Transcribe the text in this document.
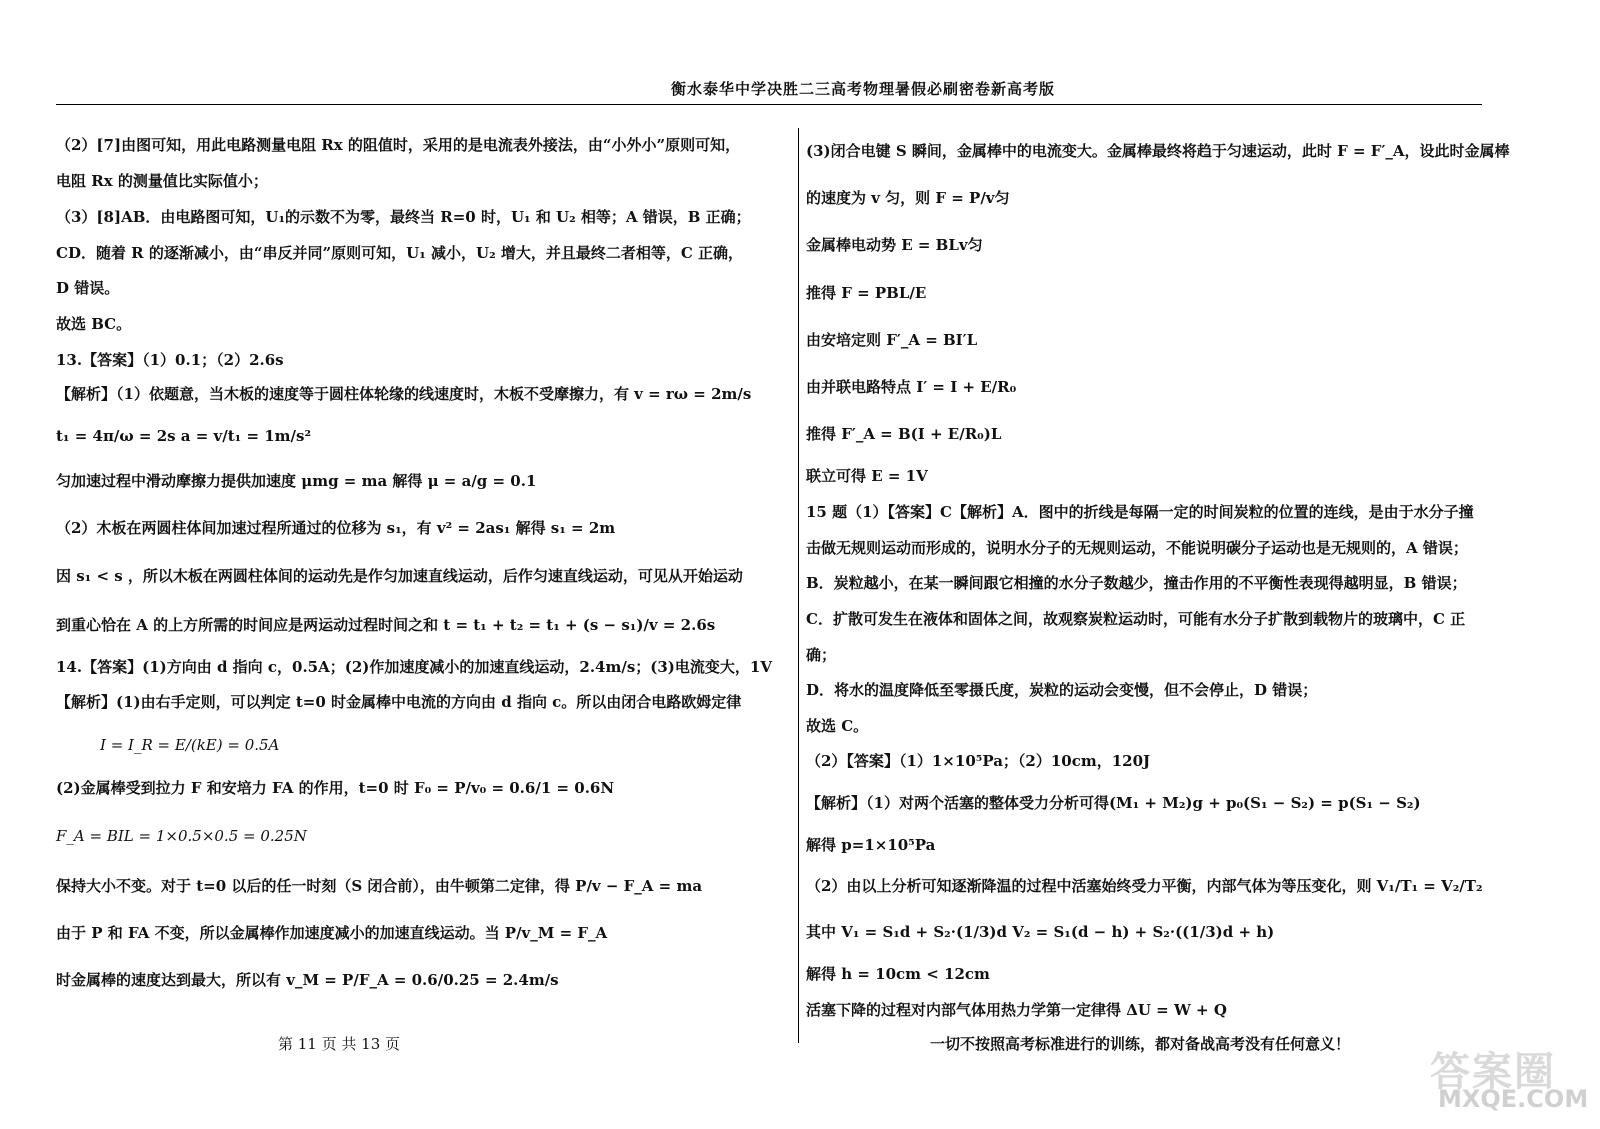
衡水泰华中学决胜二三高考物理暑假必刷密卷新高考版
（2）[7]由图可知，用此电路测量电阻 Rx 的阻值时，采用的是电流表外接法，由“小外小”原则可知，
电阻 Rx 的测量值比实际值小；
（3）[8]AB．由电路图可知，U₁的示数不为零，最终当 R=0 时，U₁ 和 U₂ 相等；A 错误，B 正确；
CD．随着 R 的逐渐减小，由“串反并同”原则可知，U₁ 减小，U₂ 增大，并且最终二者相等，C 正确，
D 错误。
故选 BC。
13.【答案】（1）0.1；（2）2.6s
【解析】（1）依题意，当木板的速度等于圆柱体轮缘的线速度时，木板不受摩擦力，有 v = rω = 2m/s
t₁ = 4π/ω = 2s a = v/t₁ = 1m/s²
匀加速过程中滑动摩擦力提供加速度 μmg = ma 解得 μ = a/g = 0.1
（2）木板在两圆柱体间加速过程所通过的位移为 s₁，有 v² = 2as₁ 解得 s₁ = 2m
因 s₁ < s ，所以木板在两圆柱体间的运动先是作匀加速直线运动，后作匀速直线运动，可见从开始运动
到重心恰在 A 的上方所需的时间应是两运动过程时间之和 t = t₁ + t₂ = t₁ + (s − s₁)/v = 2.6s
14.【答案】(1)方向由 d 指向 c，0.5A；(2)作加速度减小的加速直线运动，2.4m/s；(3)电流变大，1V
【解析】(1)由右手定则，可以判定 t=0 时金属棒中电流的方向由 d 指向 c。所以由闭合电路欧姆定律
I = I_R = E/(kE) = 0.5A
(2)金属棒受到拉力 F 和安培力 FA 的作用，t=0 时 F₀ = P/v₀ = 0.6/1 = 0.6N
F_A = BIL = 1×0.5×0.5 = 0.25N
保持大小不变。对于 t=0 以后的任一时刻（S 闭合前），由牛顿第二定律，得 P/v − F_A = ma
由于 P 和 FA 不变，所以金属棒作加速度减小的加速直线运动。当 P/v_M = F_A
时金属棒的速度达到最大，所以有 v_M = P/F_A = 0.6/0.25 = 2.4m/s
(3)闭合电键 S 瞬间，金属棒中的电流变大。金属棒最终将趋于匀速运动，此时 F = F′_A，设此时金属棒
的速度为 v 匀，则 F = P/v匀
金属棒电动势 E = BLv匀
推得 F = PBL/E
由安培定则 F′_A = BI′L
由并联电路特点 I′ = I + E/R₀
推得 F′_A = B(I + E/R₀)L
联立可得 E = 1V
15 题（1）【答案】C【解析】A．图中的折线是每隔一定的时间炭粒的位置的连线，是由于水分子撞
击做无规则运动而形成的，说明水分子的无规则运动，不能说明碳分子运动也是无规则的，A 错误；
B．炭粒越小，在某一瞬间跟它相撞的水分子数越少，撞击作用的不平衡性表现得越明显，B 错误；
C．扩散可发生在液体和固体之间，故观察炭粒运动时，可能有水分子扩散到载物片的玻璃中，C 正
确；
D．将水的温度降低至零摄氏度，炭粒的运动会变慢，但不会停止，D 错误；
故选 C。
（2）【答案】（1）1×10⁵Pa；（2）10cm，120J
【解析】（1）对两个活塞的整体受力分析可得(M₁ + M₂)g + p₀(S₁ − S₂) = p(S₁ − S₂)
解得 p=1×10⁵Pa
（2）由以上分析可知逐渐降温的过程中活塞始终受力平衡，内部气体为等压变化，则 V₁/T₁ = V₂/T₂
其中 V₁ = S₁d + S₂·(1/3)d V₂ = S₁(d − h) + S₂·((1/3)d + h)
解得 h = 10cm < 12cm
活塞下降的过程对内部气体用热力学第一定律得 ΔU = W + Q
第 11 页 共 13 页	一切不按照高考标准进行的训练，都对备战高考没有任何意义！
答案圈
MXQE.COM
